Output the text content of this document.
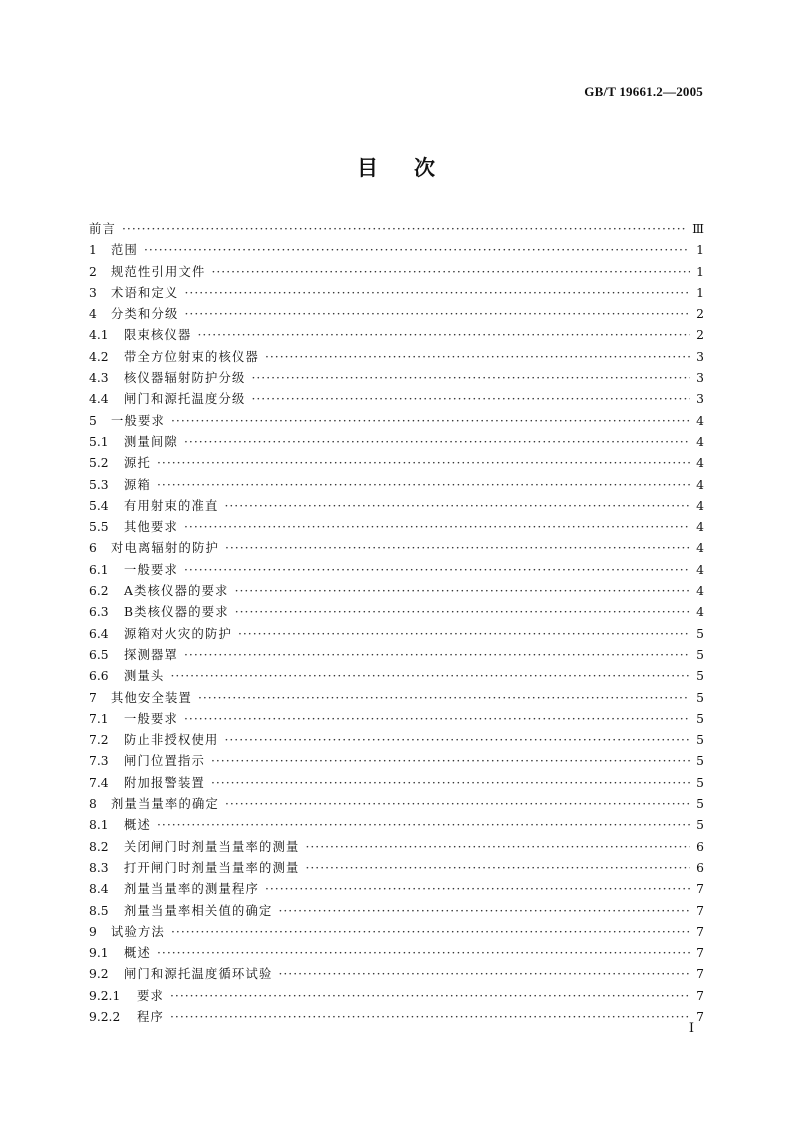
GB/T 19661.2—2005
目 次
前言 ·····	Ⅲ
1	范围 ·····	1
2	规范性引用文件 ·····	1
3	术语和定义 ·····	1
4	分类和分级 ·····	2
4.1	限束核仪器 ·····	2
4.2	带全方位射束的核仪器 ·····	3
4.3	核仪器辐射防护分级 ·····	3
4.4	闸门和源托温度分级 ·····	3
5	一般要求 ·····	4
5.1	测量间隙 ·····	4
5.2	源托 ·····	4
5.3	源箱 ·····	4
5.4	有用射束的准直 ·····	4
5.5	其他要求 ·····	4
6	对电离辐射的防护 ·····	4
6.1	一般要求 ·····	4
6.2	A类核仪器的要求 ·····	4
6.3	B类核仪器的要求 ·····	4
6.4	源箱对火灾的防护 ·····	5
6.5	探测器罩 ·····	5
6.6	测量头 ·····	5
7	其他安全装置 ·····	5
7.1	一般要求 ·····	5
7.2	防止非授权使用 ·····	5
7.3	闸门位置指示 ·····	5
7.4	附加报警装置 ·····	5
8	剂量当量率的确定 ·····	5
8.1	概述 ·····	5
8.2	关闭闸门时剂量当量率的测量 ·····	6
8.3	打开闸门时剂量当量率的测量 ·····	6
8.4	剂量当量率的测量程序 ·····	7
8.5	剂量当量率相关值的确定 ·····	7
9	试验方法 ·····	7
9.1	概述 ·····	7
9.2	闸门和源托温度循环试验 ·····	7
9.2.1	要求 ·····	7
9.2.2	程序 ·····	7
Ⅰ
